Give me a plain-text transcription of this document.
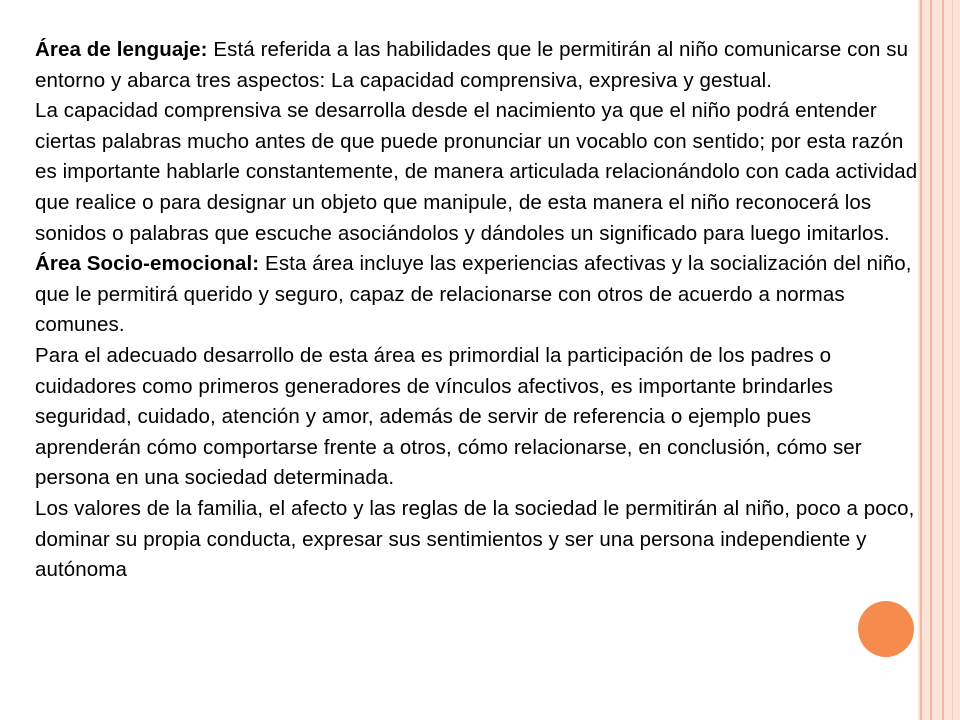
Área de lenguaje: Está referida a las habilidades que le permitirán al niño comunicarse con su entorno y abarca tres aspectos: La capacidad comprensiva, expresiva y gestual.

La capacidad comprensiva se desarrolla desde el nacimiento ya que el niño podrá entender ciertas palabras mucho antes de que puede pronunciar un vocablo con sentido; por esta razón es importante hablarle constantemente, de manera articulada relacionándolo con cada actividad que realice o para designar un objeto que manipule, de esta manera el niño reconocerá los sonidos o palabras que escuche asociándolos y dándoles un significado para luego imitarlos.

Área Socio-emocional: Esta área incluye las experiencias afectivas y la socialización del niño, que le permitirá querido y seguro, capaz de relacionarse con otros de acuerdo a normas comunes.

Para el adecuado desarrollo de esta área es primordial la participación de los padres o cuidadores como primeros generadores de vínculos afectivos, es importante brindarles seguridad, cuidado, atención y amor, además de servir de referencia o ejemplo pues aprenderán cómo comportarse frente a otros, cómo relacionarse, en conclusión, cómo ser persona en una sociedad determinada.

Los valores de la familia, el afecto y las reglas de la sociedad le permitirán al niño, poco a poco, dominar su propia conducta, expresar sus sentimientos y ser una persona independiente y autónoma
